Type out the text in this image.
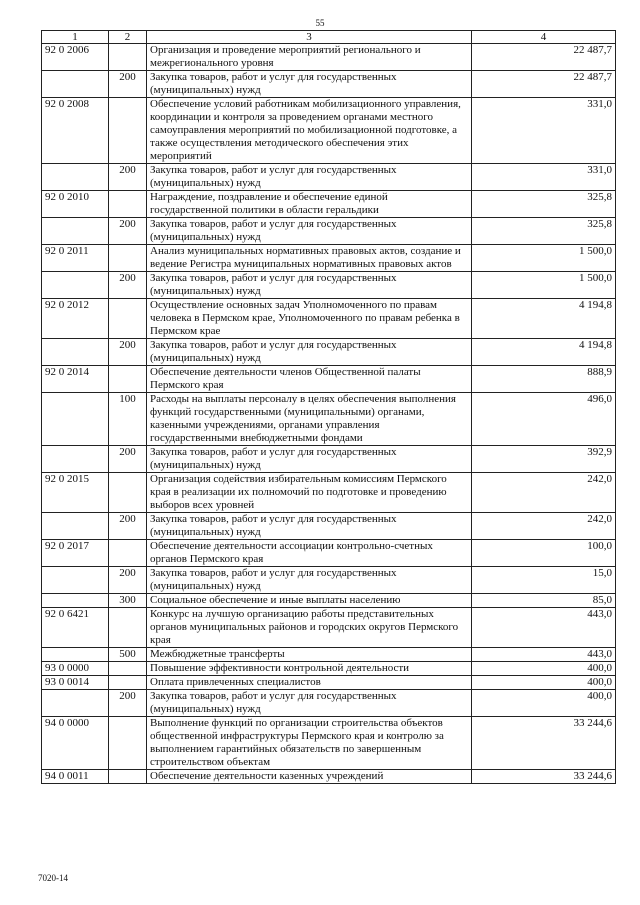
55
1	2	3	4
92 0 2006		Организация и проведение мероприятий регионального и межрегионального уровня	22 487,7
	200	Закупка товаров, работ и услуг для государственных (муниципальных) нужд	22 487,7
92 0 2008		Обеспечение условий работникам мобилизационного управления, координации и контроля за проведением органами местного самоуправления мероприятий по мобилизационной подготовке, а также осуществления методического обеспечения этих мероприятий	331,0
	200	Закупка товаров, работ и услуг для государственных (муниципальных) нужд	331,0
92 0 2010		Награждение, поздравление и обеспечение единой государственной политики в области геральдики	325,8
	200	Закупка товаров, работ и услуг для государственных (муниципальных) нужд	325,8
92 0 2011		Анализ муниципальных нормативных правовых актов, создание и ведение Регистра муниципальных нормативных правовых актов	1 500,0
	200	Закупка товаров, работ и услуг для государственных (муниципальных) нужд	1 500,0
92 0 2012		Осуществление основных задач Уполномоченного по правам человека в Пермском крае, Уполномоченного по правам ребенка в Пермском крае	4 194,8
	200	Закупка товаров, работ и услуг для государственных (муниципальных) нужд	4 194,8
92 0 2014		Обеспечение деятельности членов Общественной палаты Пермского края	888,9
	100	Расходы на выплаты персоналу в целях обеспечения выполнения функций государственными (муниципальными) органами, казенными учреждениями, органами управления государственными внебюджетными фондами	496,0
	200	Закупка товаров, работ и услуг для государственных (муниципальных) нужд	392,9
92 0 2015		Организация содействия избирательным комиссиям Пермского края в реализации их полномочий по подготовке и проведению выборов всех уровней	242,0
	200	Закупка товаров, работ и услуг для государственных (муниципальных) нужд	242,0
92 0 2017		Обеспечение деятельности ассоциации контрольно-счетных органов Пермского края	100,0
	200	Закупка товаров, работ и услуг для государственных (муниципальных) нужд	15,0
	300	Социальное обеспечение и иные выплаты населению	85,0
92 0 6421		Конкурс на лучшую организацию работы представительных органов муниципальных районов и городских округов Пермского края	443,0
	500	Межбюджетные трансферты	443,0
93 0 0000		Повышение эффективности контрольной деятельности	400,0
93 0 0014		Оплата привлеченных специалистов	400,0
	200	Закупка товаров, работ и услуг для государственных (муниципальных) нужд	400,0
94 0 0000		Выполнение функций по организации строительства объектов общественной инфраструктуры Пермского края и контролю за выполнением гарантийных обязательств по завершенным строительством объектам	33 244,6
94 0 0011		Обеспечение деятельности казенных учреждений	33 244,6
7020-14
